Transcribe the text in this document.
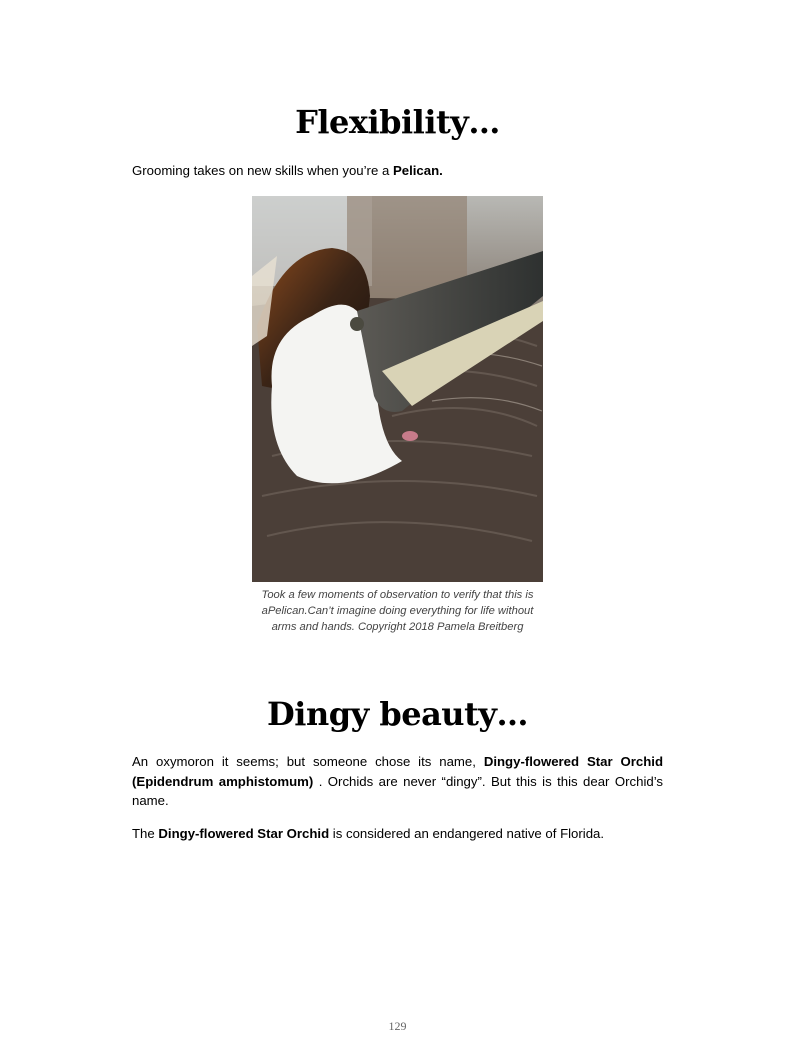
Flexibility…

Grooming takes on new skills when you’re a Pelican.

Took a few moments of observation to verify that this is
aPelican.Can’t imagine doing everything for life without
arms and hands. Copyright 2018 Pamela Breitberg

Dingy beauty…

An oxymoron it seems; but someone chose its name, Dingy-flowered Star Orchid (Epidendrum amphistomum) . Orchids are never “dingy”. But this is this dear Orchid’s name.

The Dingy-flowered Star Orchid is considered an endangered native of Florida.

129
